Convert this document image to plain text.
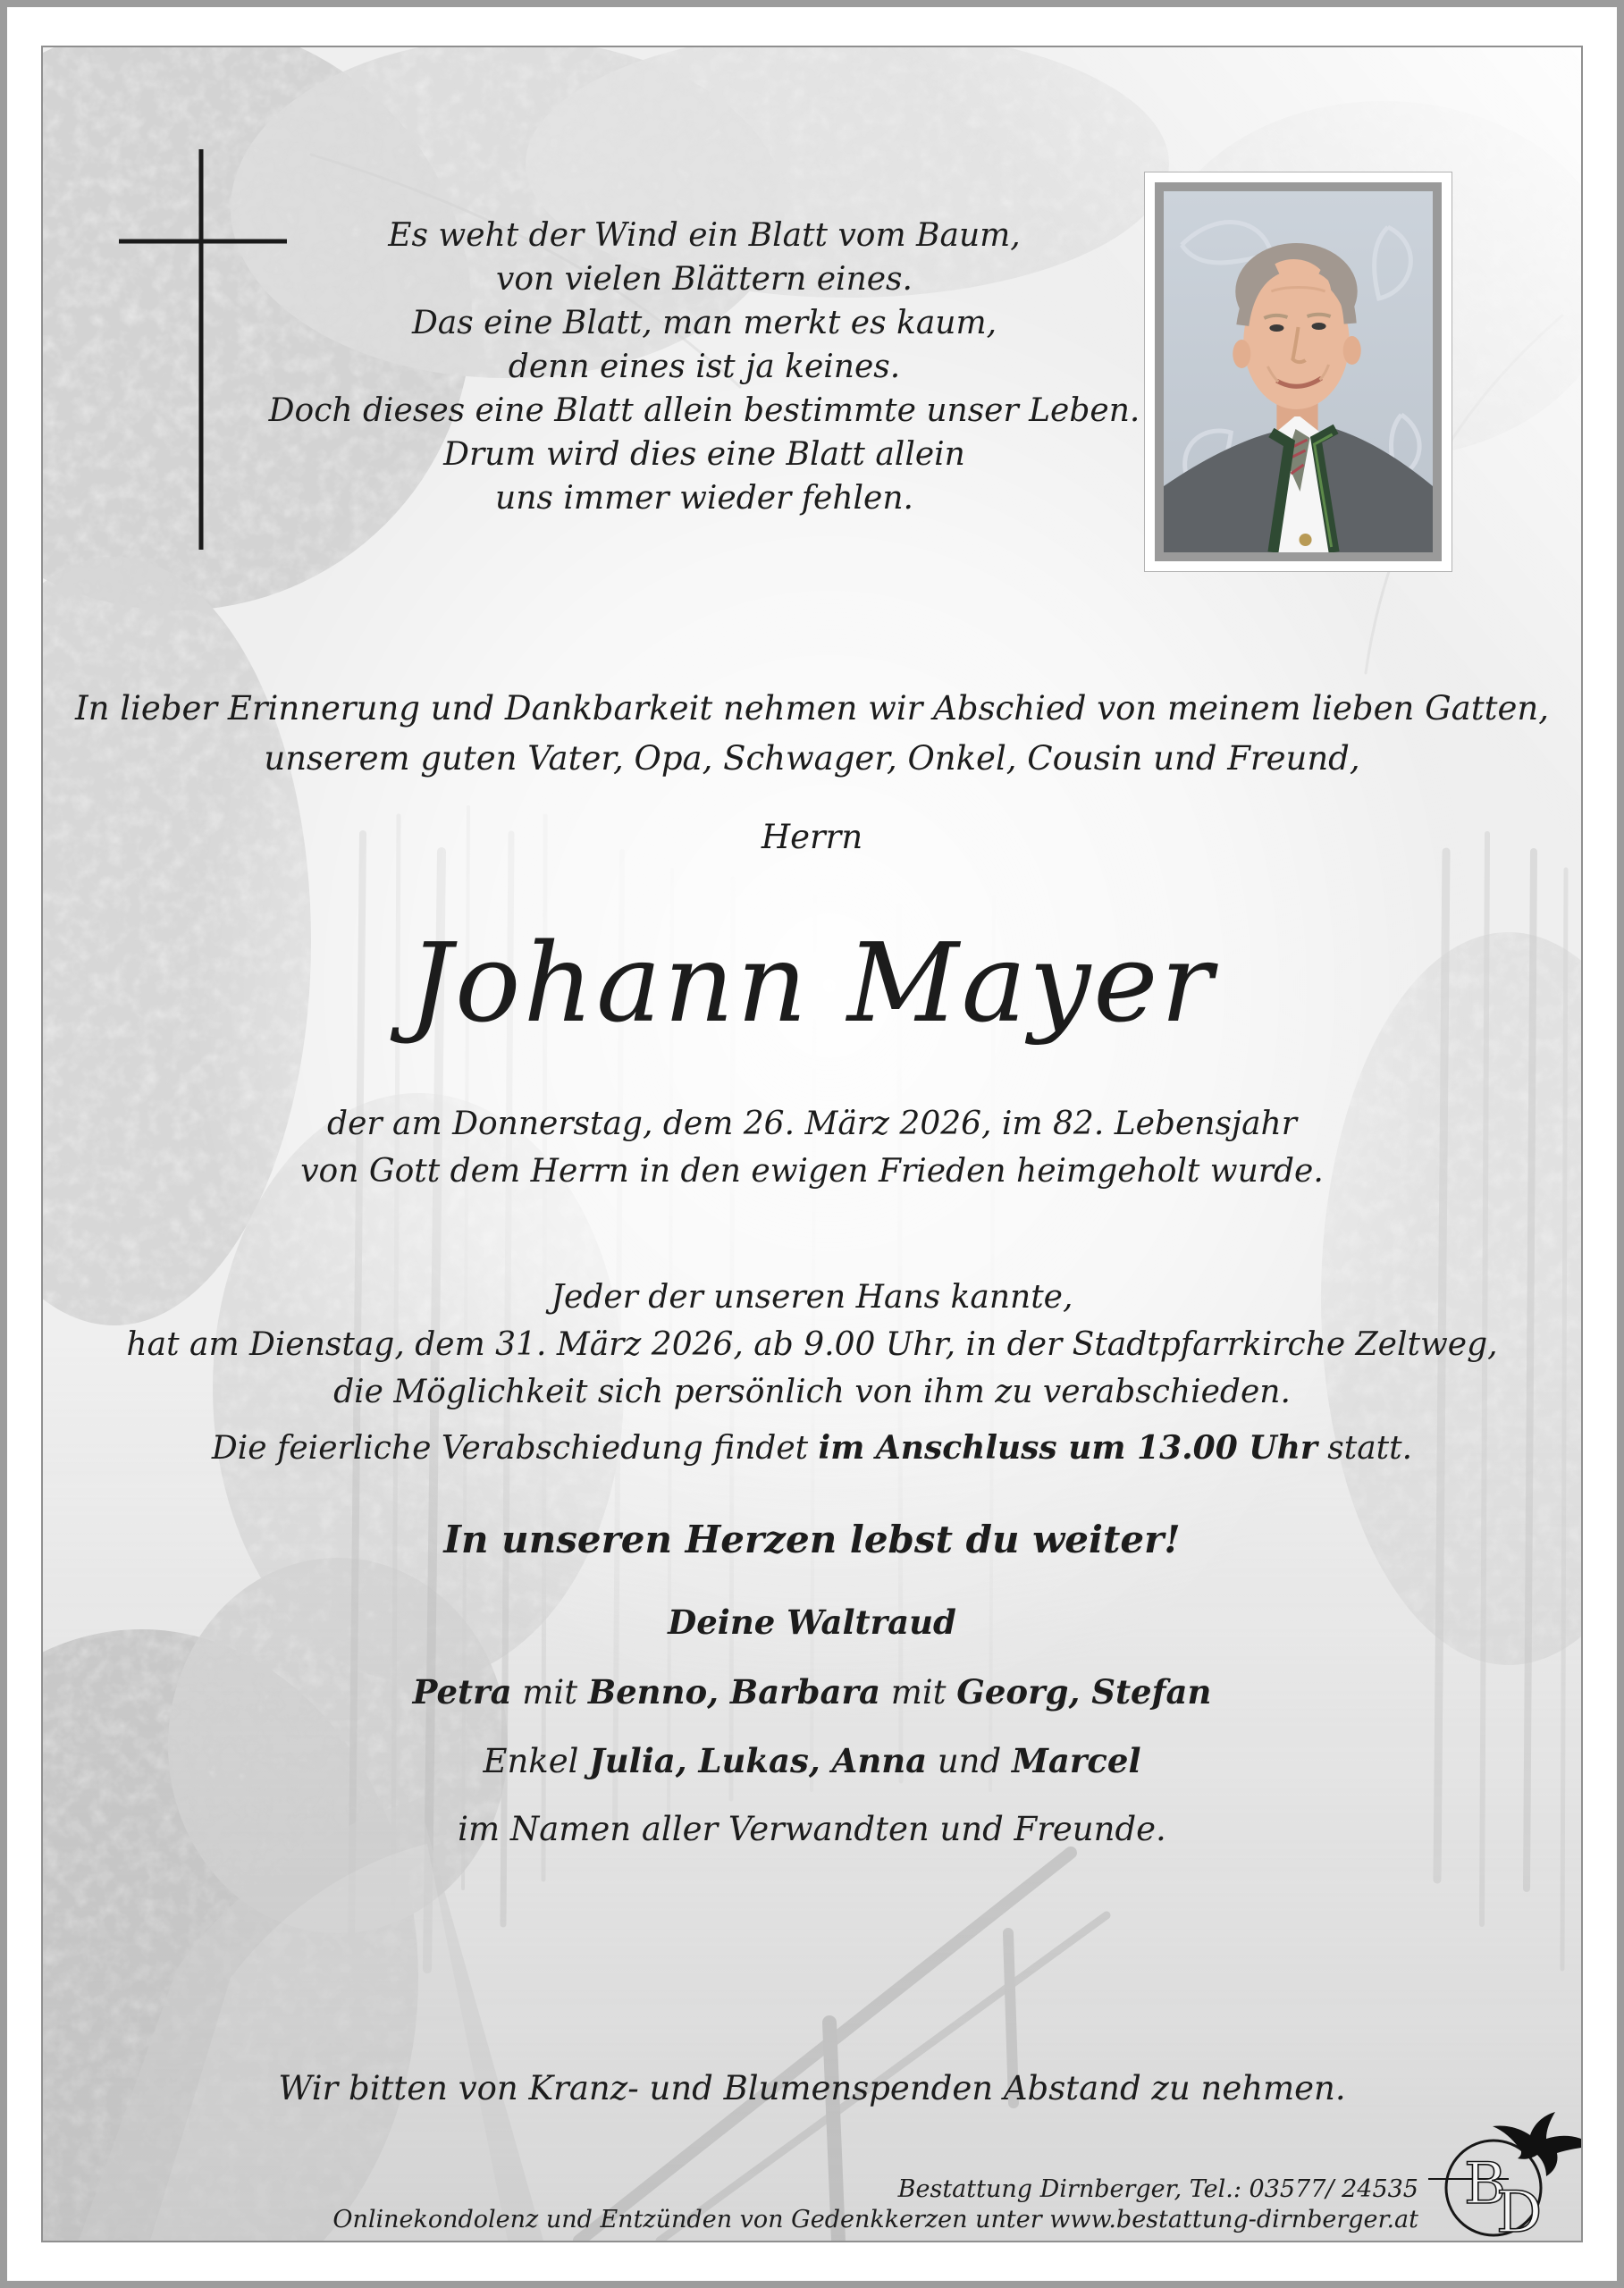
Es weht der Wind ein Blatt vom Baum,
von vielen Blättern eines.
Das eine Blatt, man merkt es kaum,
denn eines ist ja keines.
Doch dieses eine Blatt allein bestimmte unser Leben.
Drum wird dies eine Blatt allein
uns immer wieder fehlen.
In lieber Erinnerung und Dankbarkeit nehmen wir Abschied von meinem lieben Gatten,
unserem guten Vater, Opa, Schwager, Onkel, Cousin und Freund,
Herrn
Johann Mayer
der am Donnerstag, dem 26. März 2026, im 82. Lebensjahr
von Gott dem Herrn in den ewigen Frieden heimgeholt wurde.
Jeder der unseren Hans kannte,
hat am Dienstag, dem 31. März 2026, ab 9.00 Uhr, in der Stadtpfarrkirche Zeltweg,
die Möglichkeit sich persönlich von ihm zu verabschieden.
Die feierliche Verabschiedung findet im Anschluss um 13.00 Uhr statt.
In unseren Herzen lebst du weiter!
Deine Waltraud
Petra mit Benno, Barbara mit Georg, Stefan
Enkel Julia, Lukas, Anna und Marcel
im Namen aller Verwandten und Freunde.
Wir bitten von Kranz- und Blumenspenden Abstand zu nehmen.
Bestattung Dirnberger, Tel.: 03577/ 24535
Onlinekondolenz und Entzünden von Gedenkkerzen unter www.bestattung-dirnberger.at
B
D
